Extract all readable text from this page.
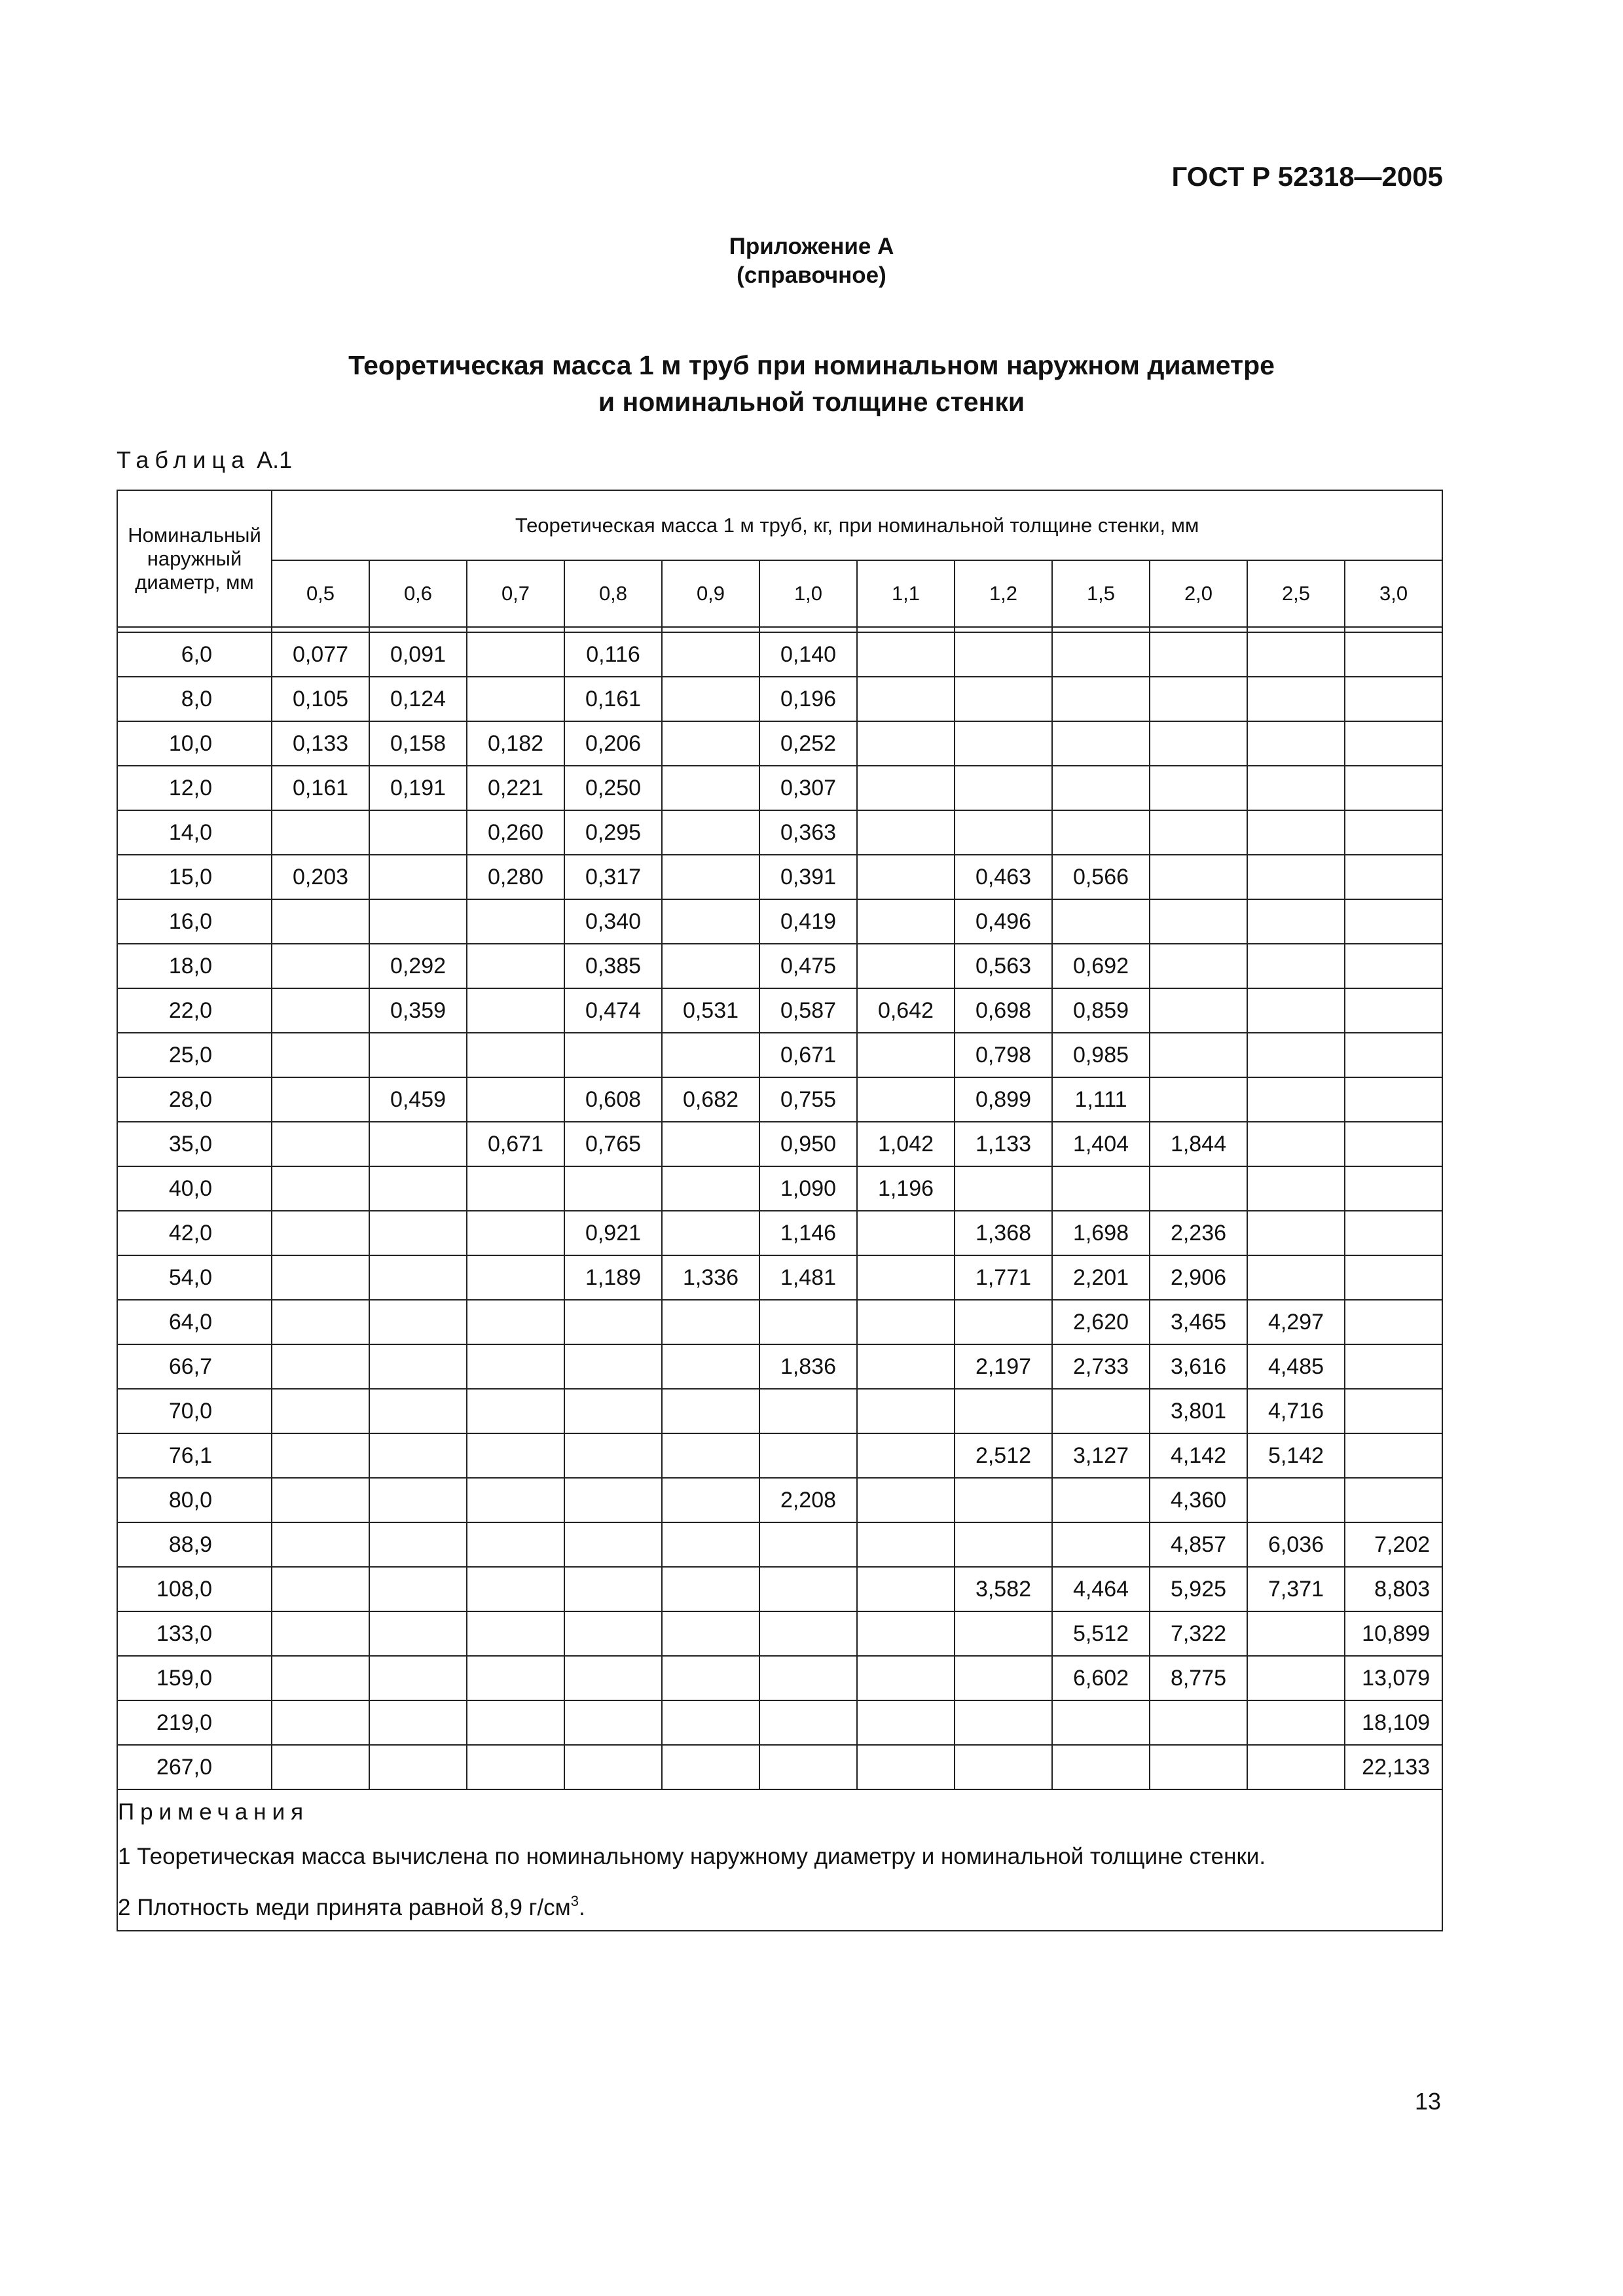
ГОСТ Р 52318—2005
Приложение А
(справочное)
Теоретическая масса 1 м труб при номинальном наружном диаметре
и номинальной толщине стенки
Таблица А.1
Номинальный наружный диаметр, мм	Теоретическая масса 1 м труб, кг, при номинальной толщине стенки, мм											
	0,5	0,6	0,7	0,8	0,9	1,0	1,1	1,2	1,5	2,0	2,5	3,0

6,0	0,077	0,091		0,116		0,140						
8,0	0,105	0,124		0,161		0,196						
10,0	0,133	0,158	0,182	0,206		0,252						
12,0	0,161	0,191	0,221	0,250		0,307						
14,0			0,260	0,295		0,363						
15,0	0,203		0,280	0,317		0,391		0,463	0,566			
16,0				0,340		0,419		0,496				
18,0		0,292		0,385		0,475		0,563	0,692			
22,0		0,359		0,474	0,531	0,587	0,642	0,698	0,859			
25,0						0,671		0,798	0,985			
28,0		0,459		0,608	0,682	0,755		0,899	1,111			
35,0			0,671	0,765		0,950	1,042	1,133	1,404	1,844		
40,0						1,090	1,196					
42,0				0,921		1,146		1,368	1,698	2,236		
54,0				1,189	1,336	1,481		1,771	2,201	2,906		
64,0									2,620	3,465	4,297	
66,7						1,836		2,197	2,733	3,616	4,485	
70,0										3,801	4,716	
76,1								2,512	3,127	4,142	5,142	
80,0						2,208				4,360		
88,9										4,857	6,036	7,202
108,0								3,582	4,464	5,925	7,371	8,803
133,0									5,512	7,322		10,899
159,0									6,602	8,775		13,079
219,0												18,109
267,0												22,133

Примечания
1 Теоретическая масса вычислена по номинальному наружному диаметру и номинальной толщине стенки.
2 Плотность меди принята равной 8,9 $г/см^3$.												
13
